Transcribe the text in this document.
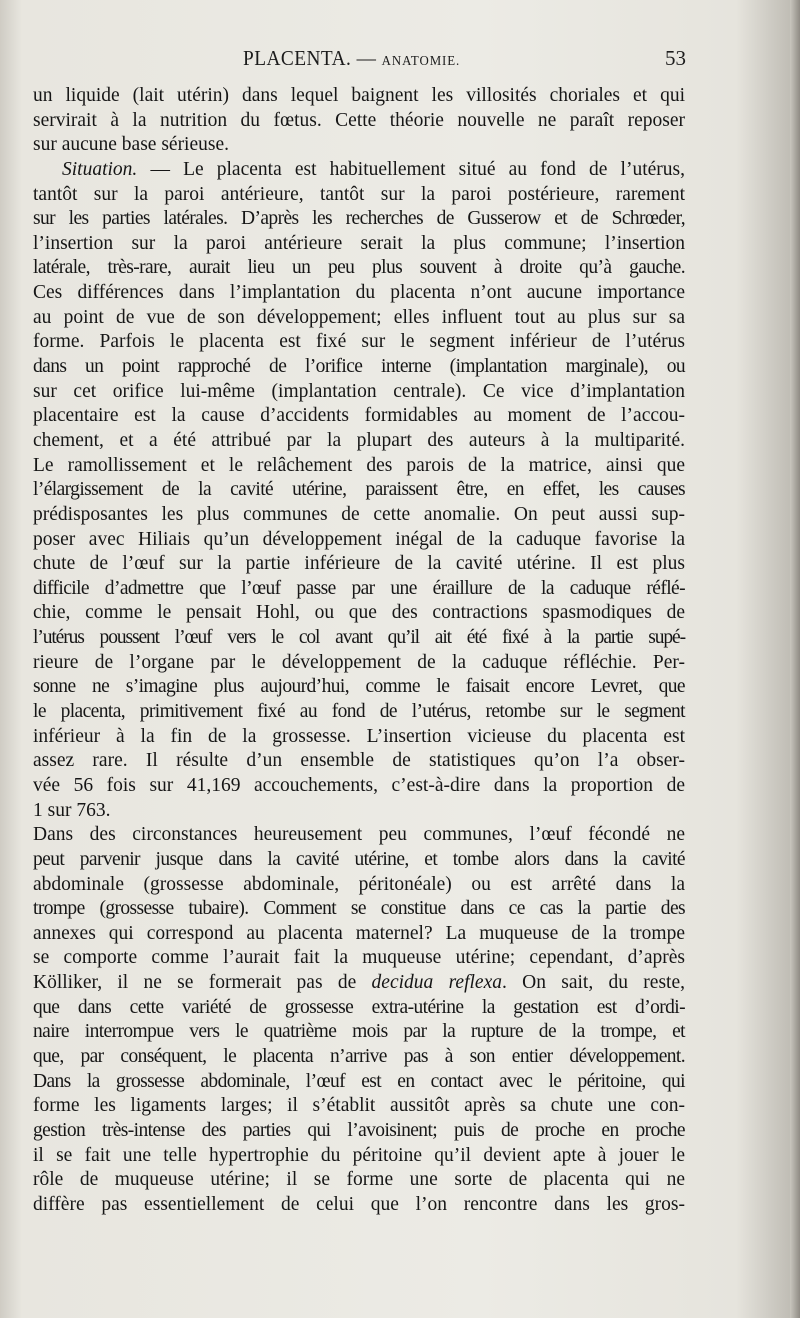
PLACENTA. — ANATOMIE.	53
un liquide (lait utérin) dans lequel baignent les villosités choriales et qui
servirait à la nutrition du fœtus. Cette théorie nouvelle ne paraît reposer
sur aucune base sérieuse.
Situation. — Le placenta est habituellement situé au fond de l’utérus,
tantôt sur la paroi antérieure, tantôt sur la paroi postérieure, rarement
sur les parties latérales. D’après les recherches de Gusserow et de Schrœder,
l’insertion sur la paroi antérieure serait la plus commune; l’insertion
latérale, très-rare, aurait lieu un peu plus souvent à droite qu’à gauche.
Ces différences dans l’implantation du placenta n’ont aucune importance
au point de vue de son développement; elles influent tout au plus sur sa
forme. Parfois le placenta est fixé sur le segment inférieur de l’utérus
dans un point rapproché de l’orifice interne (implantation marginale), ou
sur cet orifice lui-même (implantation centrale). Ce vice d’implantation
placentaire est la cause d’accidents formidables au moment de l’accou-
chement, et a été attribué par la plupart des auteurs à la multiparité.
Le ramollissement et le relâchement des parois de la matrice, ainsi que
l’élargissement de la cavité utérine, paraissent être, en effet, les causes
prédisposantes les plus communes de cette anomalie. On peut aussi sup-
poser avec Hiliais qu’un développement inégal de la caduque favorise la
chute de l’œuf sur la partie inférieure de la cavité utérine. Il est plus
difficile d’admettre que l’œuf passe par une éraillure de la caduque réflé-
chie, comme le pensait Hohl, ou que des contractions spasmodiques de
l’utérus poussent l’œuf vers le col avant qu’il ait été fixé à la partie supé-
rieure de l’organe par le développement de la caduque réfléchie. Per-
sonne ne s’imagine plus aujourd’hui, comme le faisait encore Levret, que
le placenta, primitivement fixé au fond de l’utérus, retombe sur le segment
inférieur à la fin de la grossesse. L’insertion vicieuse du placenta est
assez rare. Il résulte d’un ensemble de statistiques qu’on l’a obser-
vée 56 fois sur 41,169 accouchements, c’est-à-dire dans la proportion de
1 sur 763.
Dans des circonstances heureusement peu communes, l’œuf fécondé ne
peut parvenir jusque dans la cavité utérine, et tombe alors dans la cavité
abdominale (grossesse abdominale, péritonéale) ou est arrêté dans la
trompe (grossesse tubaire). Comment se constitue dans ce cas la partie des
annexes qui correspond au placenta maternel? La muqueuse de la trompe
se comporte comme l’aurait fait la muqueuse utérine; cependant, d’après
Kölliker, il ne se formerait pas de decidua reflexa. On sait, du reste,
que dans cette variété de grossesse extra-utérine la gestation est d’ordi-
naire interrompue vers le quatrième mois par la rupture de la trompe, et
que, par conséquent, le placenta n’arrive pas à son entier développement.
Dans la grossesse abdominale, l’œuf est en contact avec le péritoine, qui
forme les ligaments larges; il s’établit aussitôt après sa chute une con-
gestion très-intense des parties qui l’avoisinent; puis de proche en proche
il se fait une telle hypertrophie du péritoine qu’il devient apte à jouer le
rôle de muqueuse utérine; il se forme une sorte de placenta qui ne
diffère pas essentiellement de celui que l’on rencontre dans les gros-
